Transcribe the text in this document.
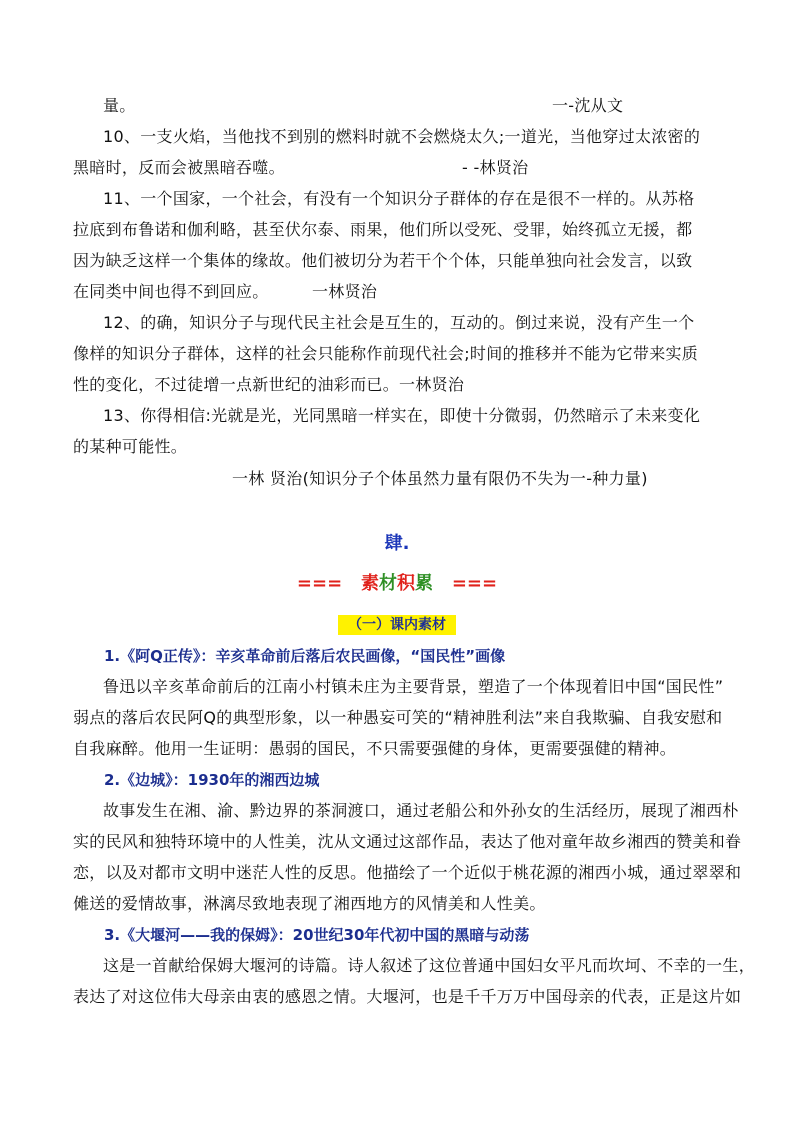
量。	一-沈从文
10、一支火焰，当他找不到别的燃料时就不会燃烧太久;一道光，当他穿过太浓密的
黑暗时，反而会被黑暗吞噬。	- -林贤治
11、一个国家，一个社会，有没有一个知识分子群体的存在是很不一样的。从苏格
拉底到布鲁诺和伽利略，甚至伏尔泰、雨果，他们所以受死、受罪，始终孤立无援，都
因为缺乏这样一个集体的缘故。他们被切分为若干个个体，只能单独向社会发言，以致
在同类中间也得不到回应。	一林贤治
12、的确，知识分子与现代民主社会是互生的，互动的。倒过来说，没有产生一个
像样的知识分子群体，这样的社会只能称作前现代社会;时间的推移并不能为它带来实质
性的变化，不过徒增一点新世纪的油彩而已。一林贤治
13、你得相信:光就是光，光同黑暗一样实在，即使十分微弱，仍然暗示了未来变化
的某种可能性。
一林 贤治(知识分子个体虽然力量有限仍不失为一-种力量)
肆.
=== 素材积累 ===
（一）课内素材
1.《阿Q正传》：辛亥革命前后落后农民画像，“国民性”画像
鲁迅以辛亥革命前后的江南小村镇未庄为主要背景，塑造了一个体现着旧中国“国民性”
弱点的落后农民阿Q的典型形象，以一种愚妄可笑的“精神胜利法”来自我欺骗、自我安慰和
自我麻醉。他用一生证明：愚弱的国民，不只需要强健的身体，更需要强健的精神。
2.《边城》：1930年的湘西边城
故事发生在湘、渝、黔边界的茶洞渡口，通过老船公和外孙女的生活经历，展现了湘西朴
实的民风和独特环境中的人性美，沈从文通过这部作品，表达了他对童年故乡湘西的赞美和眷
恋，以及对都市文明中迷茫人性的反思。他描绘了一个近似于桃花源的湘西小城，通过翠翠和
傩送的爱情故事，淋漓尽致地表现了湘西地方的风情美和人性美。
3.《大堰河——我的保姆》：20世纪30年代初中国的黑暗与动荡
这是一首献给保姆大堰河的诗篇。诗人叙述了这位普通中国妇女平凡而坎坷、不幸的一生，
表达了对这位伟大母亲由衷的感恩之情。大堰河，也是千千万万中国母亲的代表，正是这片如
